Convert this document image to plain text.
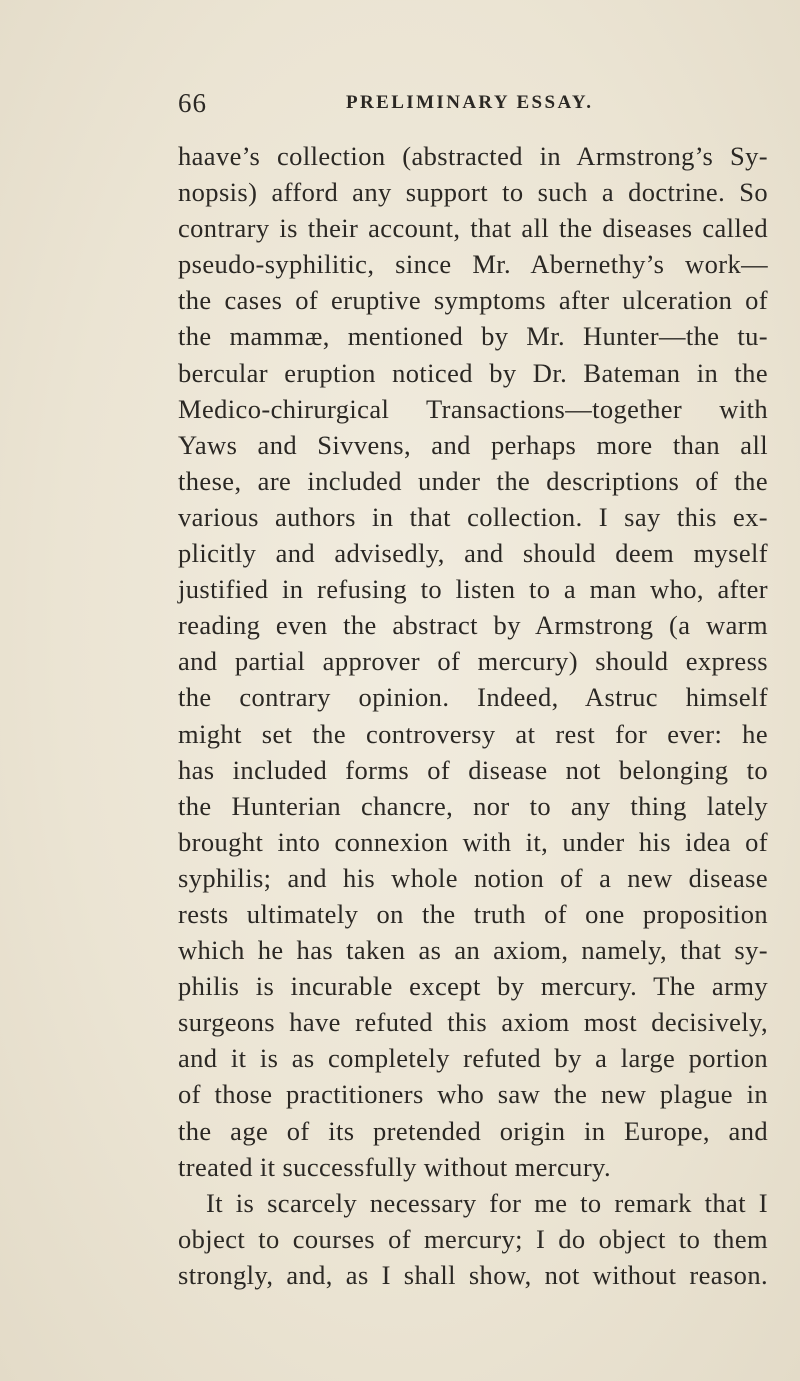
66	PRELIMINARY ESSAY.
haave’s collection (abstracted in Armstrong’s Sy-
nopsis) afford any support to such a doctrine. So
contrary is their account, that all the diseases called
pseudo-syphilitic, since Mr. Abernethy’s work—
the cases of eruptive symptoms after ulceration of
the mammæ, mentioned by Mr. Hunter—the tu-
bercular eruption noticed by Dr. Bateman in the
Medico-chirurgical Transactions—together with
Yaws and Sivvens, and perhaps more than all
these, are included under the descriptions of the
various authors in that collection. I say this ex-
plicitly and advisedly, and should deem myself
justified in refusing to listen to a man who, after
reading even the abstract by Armstrong (a warm
and partial approver of mercury) should express
the contrary opinion. Indeed, Astruc himself
might set the controversy at rest for ever: he
has included forms of disease not belonging to
the Hunterian chancre, nor to any thing lately
brought into connexion with it, under his idea of
syphilis; and his whole notion of a new disease
rests ultimately on the truth of one proposition
which he has taken as an axiom, namely, that sy-
philis is incurable except by mercury. The army
surgeons have refuted this axiom most decisively,
and it is as completely refuted by a large portion
of those practitioners who saw the new plague in
the age of its pretended origin in Europe, and
treated it successfully without mercury.
It is scarcely necessary for me to remark that I
object to courses of mercury; I do object to them
strongly, and, as I shall show, not without reason.
